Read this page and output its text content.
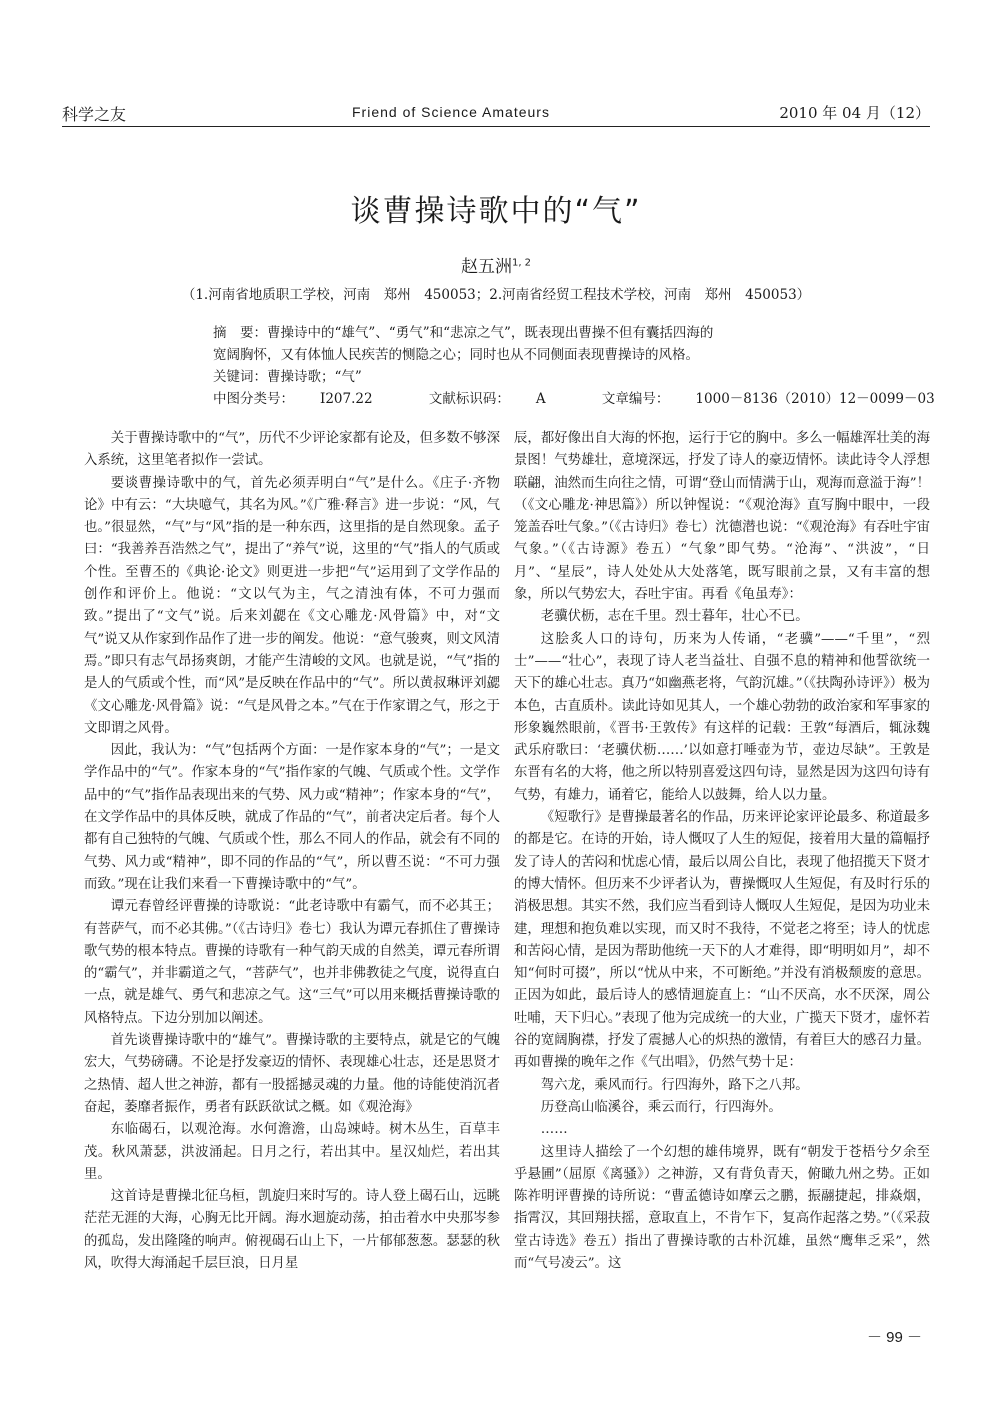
科学之友	Friend of Science Amateurs	2010 年 04 月（12）
谈曹操诗歌中的“气”
赵五洲$^{1, 2}$
（1.河南省地质职工学校，河南　郑州　450053；2.河南省经贸工程技术学校，河南　郑州　450053）
摘　要：曹操诗中的“雄气”、“勇气”和“悲凉之气”，既表现出曹操不但有囊括四海的
宽阔胸怀，又有体恤人民疾苦的恻隐之心；同时也从不同侧面表现曹操诗的风格。
关键词：曹操诗歌；“气”
中图分类号： I207.22	文献标识码： A	文章编号： 1000－8136（2010）12－0099－03

关于曹操诗歌中的“气”，历代不少评论家都有论及，但多数不够深入系统，这里笔者拟作一尝试。

要谈曹操诗歌中的气，首先必须弄明白“气”是什么。《庄子·齐物论》中有云：“大块噫气，其名为风。”《广雅·释言》进一步说：“风，气也。”很显然，“气”与“风”指的是一种东西，这里指的是自然现象。孟子曰：“我善养吾浩然之气”，提出了“养气”说，这里的“气”指人的气质或个性。至曹丕的《典论·论文》则更进一步把“气”运用到了文学作品的创作和评价上。他说：“文以气为主，气之清浊有体，不可力强而致。”提出了“文气”说。后来刘勰在《文心雕龙·风骨篇》中，对“文气”说又从作家到作品作了进一步的阐发。他说：“意气骏爽，则文风清焉。”即只有志气昂扬爽朗，才能产生清峻的文风。也就是说，“气”指的是人的气质或个性，而“风”是反映在作品中的“气”。所以黄叔琳评刘勰《文心雕龙·风骨篇》说：“气是风骨之本。”气在于作家谓之气，形之于文即谓之风骨。

因此，我认为：“气”包括两个方面：一是作家本身的“气”；一是文学作品中的“气”。作家本身的“气”指作家的气魄、气质或个性。文学作品中的“气”指作品表现出来的气势、风力或“精神”；作家本身的“气”，在文学作品中的具体反映，就成了作品的“气”，前者决定后者。每个人都有自己独特的气魄、气质或个性，那么不同人的作品，就会有不同的气势、风力或“精神”，即不同的作品的“气”，所以曹丕说：“不可力强而致。”现在让我们来看一下曹操诗歌中的“气”。

谭元春曾经评曹操的诗歌说：“此老诗歌中有霸气，而不必其王；有菩萨气，而不必其佛。”（《古诗归》卷七）我认为谭元春抓住了曹操诗歌气势的根本特点。曹操的诗歌有一种气韵天成的自然美，谭元春所谓的“霸气”，并非霸道之气，“菩萨气”，也并非佛教徒之气度，说得直白一点，就是雄气、勇气和悲凉之气。这“三气”可以用来概括曹操诗歌的风格特点。下边分别加以阐述。

首先谈曹操诗歌中的“雄气”。曹操诗歌的主要特点，就是它的气魄宏大，气势磅礴。不论是抒发豪迈的情怀、表现雄心壮志，还是思贤才之热情、超人世之神游，都有一股摇撼灵魂的力量。他的诗能使消沉者奋起，萎靡者振作，勇者有跃跃欲试之概。如《观沧海》

东临碣石，以观沧海。水何澹澹，山岛竦峙。树木丛生，百草丰茂。秋风萧瑟，洪波涌起。日月之行，若出其中。星汉灿烂，若出其里。

这首诗是曹操北征乌桓，凯旋归来时写的。诗人登上碣石山，远眺茫茫无涯的大海，心胸无比开阔。海水迴旋动荡，拍击着水中央那岑参的孤岛，发出隆隆的响声。俯视碣石山上下，一片郁郁葱葱。瑟瑟的秋风，吹得大海涌起千层巨浪，日月星

辰，都好像出自大海的怀抱，运行于它的胸中。多么一幅雄浑壮美的海景图！气势雄壮，意境深远，抒发了诗人的豪迈情怀。读此诗令人浮想联翩，油然而生向往之情，可谓“登山而情满于山，观海而意溢于海”！（《文心雕龙·神思篇》）所以钟惺说：“《观沧海》直写胸中眼中，一段笼盖吞吐气象。”（《古诗归》卷七）沈德潜也说：“《观沧海》有吞吐宇宙气象。”（《古诗源》卷五）“气象”即气势。“沧海”、“洪波”，“日月”、“星辰”，诗人处处从大处落笔，既写眼前之景，又有丰富的想象，所以气势宏大，吞吐宇宙。再看《龟虽寿》：

老骥伏枥，志在千里。烈士暮年，壮心不已。

这脍炙人口的诗句，历来为人传诵，“老骥”——“千里”，“烈士”——“壮心”，表现了诗人老当益壮、自强不息的精神和他誓欲统一天下的雄心壮志。真乃“如幽燕老将，气韵沉雄。”（《扶陶孙诗评》）极为本色，古直质朴。读此诗如见其人，一个雄心勃勃的政治家和军事家的形象巍然眼前，《晋书·王敦传》有这样的记载：王敦“每酒后，辄泳魏武乐府歌曰：‘老骥伏枥……’以如意打唾壶为节，壶边尽缺”。王敦是东晋有名的大将，他之所以特别喜爱这四句诗，显然是因为这四句诗有气势，有雄力，诵着它，能给人以鼓舞，给人以力量。

《短歌行》是曹操最著名的作品，历来评论家评论最多、称道最多的都是它。在诗的开始，诗人慨叹了人生的短促，接着用大量的篇幅抒发了诗人的苦闷和忧虑心情，最后以周公自比，表现了他招揽天下贤才的博大情怀。但历来不少评者认为，曹操慨叹人生短促，有及时行乐的消极思想。其实不然，我们应当看到诗人慨叹人生短促，是因为功业未建，理想和抱负难以实现，而又时不我待，不觉老之将至；诗人的忧虑和苦闷心情，是因为帮助他统一天下的人才难得，即“明明如月”，却不知“何时可掇”，所以“忧从中来，不可断绝。”并没有消极颓废的意思。正因为如此，最后诗人的感情迴旋直上：“山不厌高，水不厌深，周公吐哺，天下归心。”表现了他为完成统一的大业，广揽天下贤才，虚怀若谷的宽阔胸襟，抒发了震撼人心的炽热的激情，有着巨大的感召力量。再如曹操的晚年之作《气出唱》，仍然气势十足：

驾六龙，乘风而行。行四海外，路下之八邦。

历登高山临溪谷，乘云而行，行四海外。

……

这里诗人描绘了一个幻想的雄伟境界，既有“朝发于苍梧兮夕余至乎悬圃”（屈原《离骚》）之神游，又有背负青天，俯瞰九州之势。正如陈祚明评曹操的诗所说：“曹孟德诗如摩云之鹏，振翮捷起，排焱烟，指霄汉，其回翔扶摇，意取直上，不肯乍下，复高作起落之势。”（《采菽堂古诗选》卷五）指出了曹操诗歌的古朴沉雄，虽然“鹰隼乏采”，然而“气号凌云”。这

－ 99 －
